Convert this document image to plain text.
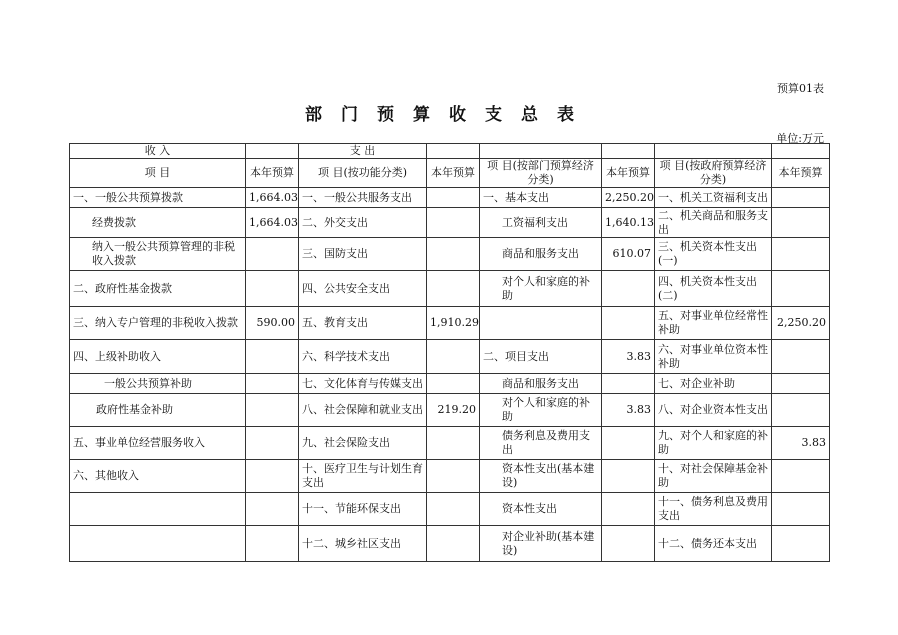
预算01表
部门预算收支总表
单位:万元
收 入		支 出					
项 目	本年预算	项 目(按功能分类)	本年预算	项 目(按部门预算经济分类)	本年预算	项 目(按政府预算经济分类)	本年预算
一、一般公共预算拨款	1,664.03	一、一般公共服务支出		一、基本支出	2,250.20	一、机关工资福利支出	
经费拨款	1,664.03	二、外交支出		工资福利支出	1,640.13	二、机关商品和服务支出	
纳入一般公共预算管理的非税收入拨款		三、国防支出		商品和服务支出	610.07	三、机关资本性支出(一)	
二、政府性基金拨款		四、公共安全支出		对个人和家庭的补助		四、机关资本性支出(二)	
三、纳入专户管理的非税收入拨款	590.00	五、教育支出	1,910.29			五、对事业单位经常性补助	2,250.20
四、上级补助收入		六、科学技术支出		二、项目支出	3.83	六、对事业单位资本性补助	
一般公共预算补助		七、文化体育与传媒支出		商品和服务支出		七、对企业补助	
政府性基金补助		八、社会保障和就业支出	219.20	对个人和家庭的补助	3.83	八、对企业资本性支出	
五、事业单位经营服务收入		九、社会保险支出		债务利息及费用支出		九、对个人和家庭的补助	3.83
六、其他收入		十、医疗卫生与计划生育支出		资本性支出(基本建设)		十、对社会保障基金补助	
		十一、节能环保支出		资本性支出		十一、债务利息及费用支出	
		十二、城乡社区支出		对企业补助(基本建设)		十二、债务还本支出	
